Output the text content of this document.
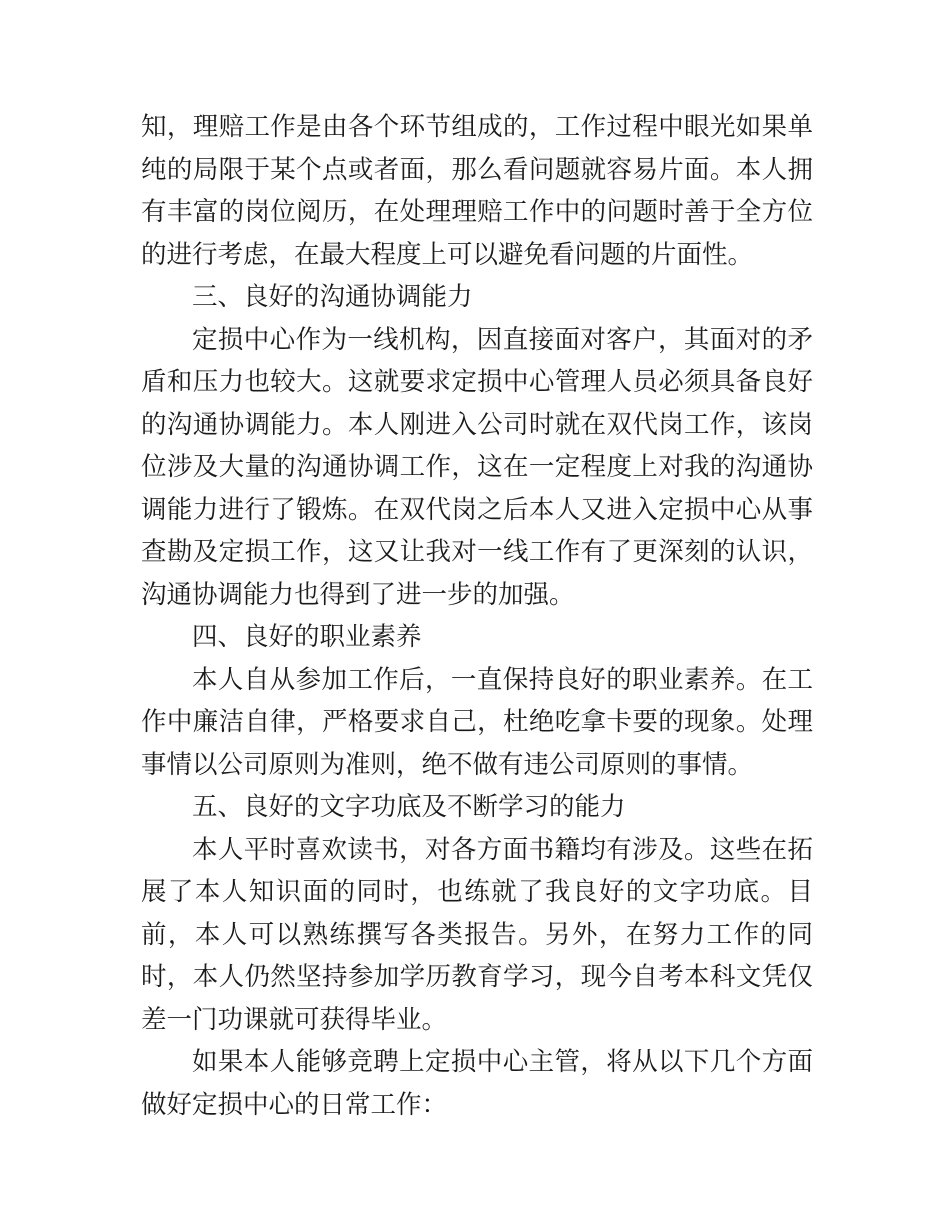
知，理赔工作是由各个环节组成的，工作过程中眼光如果单纯的局限于某个点或者面，那么看问题就容易片面。本人拥有丰富的岗位阅历，在处理理赔工作中的问题时善于全方位的进行考虑，在最大程度上可以避免看问题的片面性。

三、良好的沟通协调能力

定损中心作为一线机构，因直接面对客户，其面对的矛盾和压力也较大。这就要求定损中心管理人员必须具备良好的沟通协调能力。本人刚进入公司时就在双代岗工作，该岗位涉及大量的沟通协调工作，这在一定程度上对我的沟通协调能力进行了锻炼。在双代岗之后本人又进入定损中心从事查勘及定损工作，这又让我对一线工作有了更深刻的认识，沟通协调能力也得到了进一步的加强。

四、良好的职业素养

本人自从参加工作后，一直保持良好的职业素养。在工作中廉洁自律，严格要求自己，杜绝吃拿卡要的现象。处理事情以公司原则为准则，绝不做有违公司原则的事情。

五、良好的文字功底及不断学习的能力

本人平时喜欢读书，对各方面书籍均有涉及。这些在拓展了本人知识面的同时，也练就了我良好的文字功底。目前，本人可以熟练撰写各类报告。另外，在努力工作的同时，本人仍然坚持参加学历教育学习，现今自考本科文凭仅差一门功课就可获得毕业。

如果本人能够竞聘上定损中心主管，将从以下几个方面做好定损中心的日常工作：
